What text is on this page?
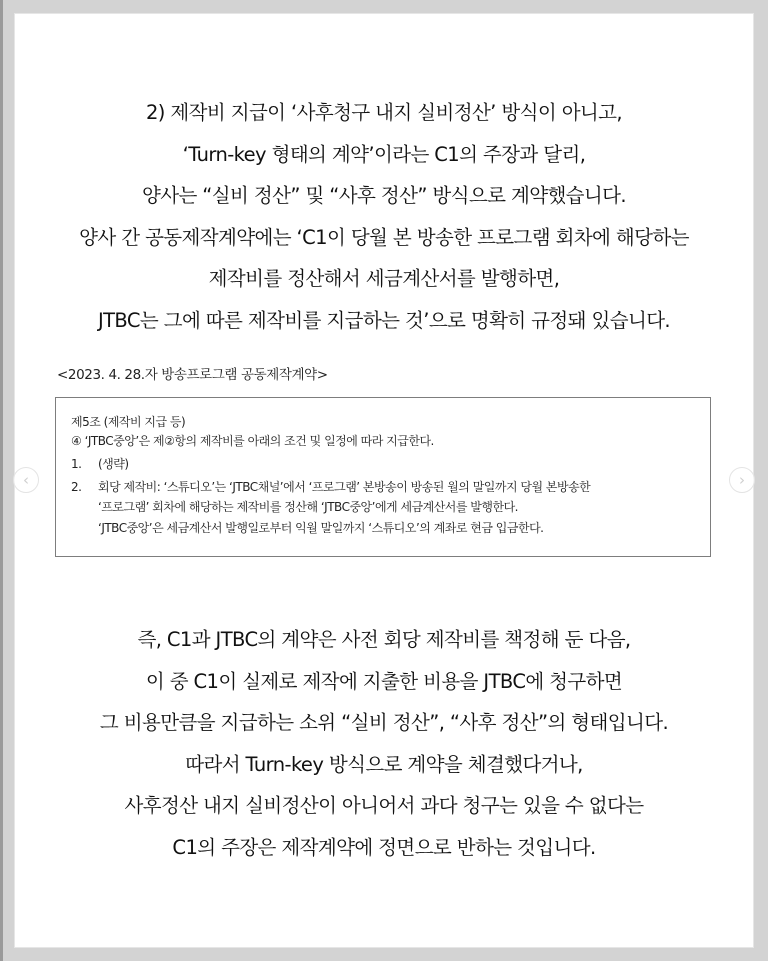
2) 제작비 지급이 ‘사후청구 내지 실비정산’ 방식이 아니고,
‘Turn-key 형태의 계약’이라는 C1의 주장과 달리,
양사는 “실비 정산” 및 “사후 정산” 방식으로 계약했습니다.
양사 간 공동제작계약에는 ‘C1이 당월 본 방송한 프로그램 회차에 해당하는
제작비를 정산해서 세금계산서를 발행하면,
JTBC는 그에 따른 제작비를 지급하는 것’으로 명확히 규정돼 있습니다.
<2023. 4. 28.자 방송프로그램 공동제작계약>
제5조 (제작비 지급 등)
④ ‘JTBC중앙’은 제②항의 제작비를 아래의 조건 및 일정에 따라 지급한다.
1. (생략)
2. 회당 제작비: ‘스튜디오’는 ‘JTBC채널’에서 ‘프로그램’ 본방송이 방송된 월의 말일까지 당월 본방송한
‘프로그램’ 회차에 해당하는 제작비를 정산해 ‘JTBC중앙’에게 세금계산서를 발행한다.
‘JTBC중앙’은 세금계산서 발행일로부터 익월 말일까지 ‘스튜디오’의 계좌로 현금 입금한다.
즉, C1과 JTBC의 계약은 사전 회당 제작비를 책정해 둔 다음,
이 중 C1이 실제로 제작에 지출한 비용을 JTBC에 청구하면
그 비용만큼을 지급하는 소위 “실비 정산”, “사후 정산”의 형태입니다.
따라서 Turn-key 방식으로 계약을 체결했다거나,
사후정산 내지 실비정산이 아니어서 과다 청구는 있을 수 없다는
C1의 주장은 제작계약에 정면으로 반하는 것입니다.
‹	›
